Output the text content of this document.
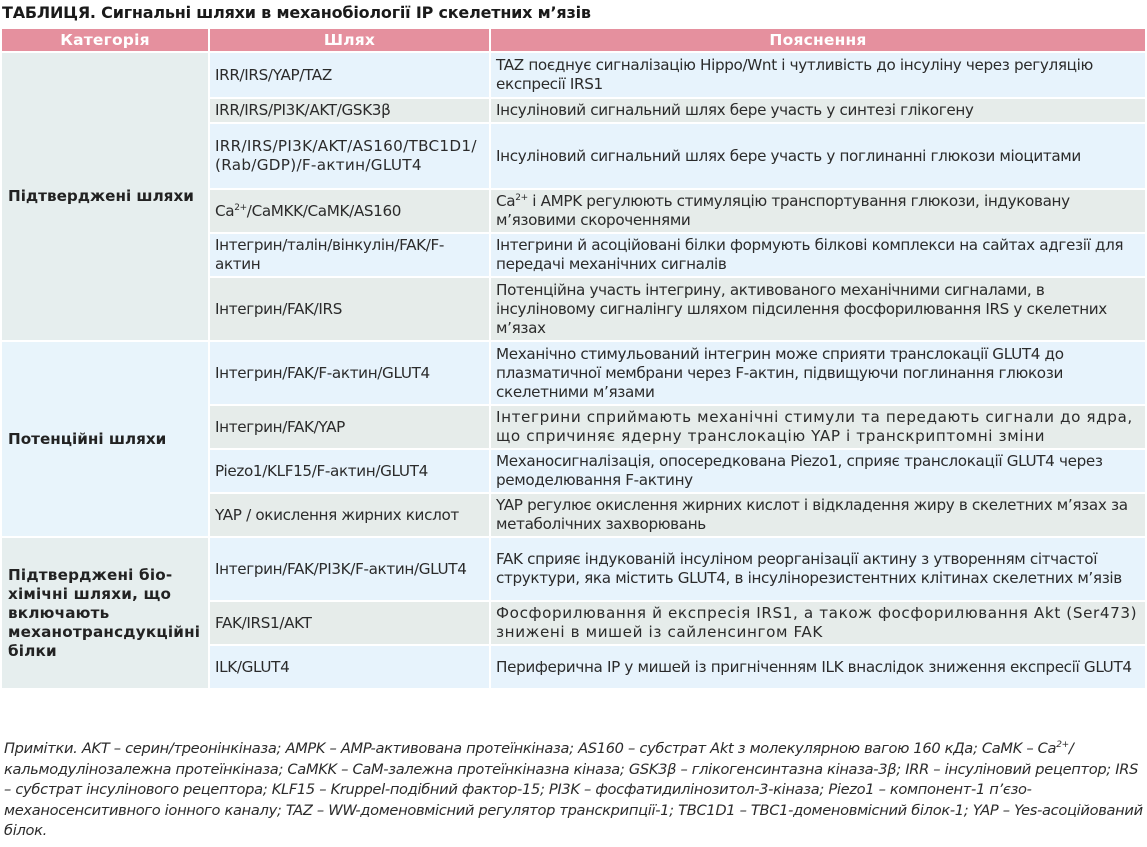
ТАБЛИЦЯ. Сигнальні шляхи в механобіології ІР скелетних м’язів
Категорія	Шлях	Пояснення
Підтверджені шляхи	IRR/IRS/YAP/TAZ	TAZ поєднує сигналізацію Hippo/Wnt і чутливість до інсуліну через регуляцію експресії IRS1
	IRR/IRS/PI3K/AKT/GSK3β	Інсуліновий сигнальний шлях бере участь у синтезі глікогену
	IRR/IRS/PI3K/AKT/AS160/TBC1D1/(Rab/GDP)/F-актин/GLUT4	Інсуліновий сигнальний шлях бере участь у поглинанні глюкози міоцитами
	$Ca^{2+}/CaMKK/CaMK/AS160$	$Ca^{2+}$ і AMPK регулюють стимуляцію транспортування глюкози, індуковану м’язовими скороченнями
	Інтегрин/талін/вінкулін/FAK/F-актин	Інтегрини й асоційовані білки формують білкові комплекси на сайтах адгезії для передачі механічних сигналів
	Інтегрин/FAK/IRS	Потенційна участь інтегрину, активованого механічними сигналами, в інсуліновому сигналінгу шляхом підсилення фосфорилювання IRS у скелетних м’язах
Потенційні шляхи	Інтегрин/FAK/F-актин/GLUT4	Механічно стимульований інтегрин може сприяти транслокації GLUT4 до плазматичної мембрани через F-актин, підвищуючи поглинання глюкози скелетними м’язами
	Інтегрин/FAK/YAP	Інтегрини сприймають механічні стимули та передають сигнали до ядра, що спричиняє ядерну транслокацію YAP і транскриптомні зміни
	Piezo1/KLF15/F-актин/GLUT4	Механосигналізація, опосередкована Piezo1, сприяє транслокації GLUT4 через ремоделювання F-актину
	YAP / окислення жирних кислот	YAP регулює окислення жирних кислот і відкладення жиру в скелетних м’язах за метаболічних захворювань
Підтверджені біохімічні шляхи, що включають механотрансдукційні білки	Інтегрин/FAK/PI3K/F-актин/GLUT4	FAK сприяє індукованій інсуліном реорганізації актину з утворенням сітчастої структури, яка містить GLUT4, в інсулінорезистентних клітинах скелетних м’язів
	FAK/IRS1/AKT	Фосфорилювання й експресія IRS1, а також фосфорилювання Akt (Ser473) знижені в мишей із сайленсингом FAK
	ILK/GLUT4	Периферична ІР у мишей із пригніченням ILK внаслідок зниження експресії GLUT4
Примітки. AKT – серин/треонінкіназа; AMPK – AMP-активована протеїнкіназа; AS160 – субстрат Akt з молекулярною вагою 160 кДа; CaMK – $Ca^{2+}$/кальмодулінозалежна протеїнкіназа; CaMKK – CaM-залежна протеїнкіназна кіназа; GSK3β – глікогенсинтазна кіназа-3β; IRR – інсуліновий рецептор; IRS – субстрат інсулінового рецептора; KLF15 – Kruppel-подібний фактор-15; PI3K – фосфатидилінозитол-3-кіназа; Piezo1 – компонент-1 п’єзо-механосенситивного іонного каналу; TAZ – WW-доменовмісний регулятор транскрипції-1; TBC1D1 – TBC1-доменовмісний білок-1; YAP – Yes-асоційований білок.
